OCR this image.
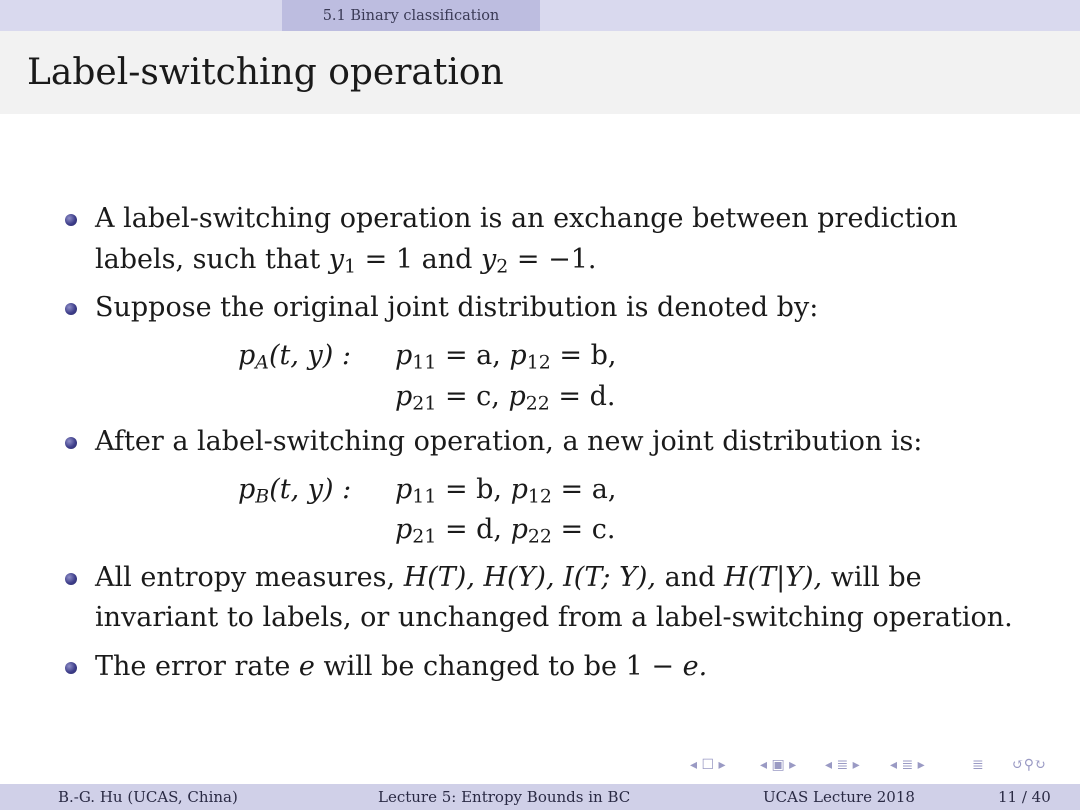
5.1 Binary classification
Label-switching operation
A label-switching operation is an exchange between prediction
labels, such that $y_1 = 1$ and $y_2 = -1$.
Suppose the original joint distribution is denoted by:
pA(t, y) : $p_{11} = a$, $p_{12} = b$,
$p_{21} = c$, $p_{22} = d$.
After a label-switching operation, a new joint distribution is:
pB(t, y) : $p_{11} = b$, $p_{12} = a$,
$p_{21} = d$, $p_{22} = c$.
All entropy measures, H(T), H(Y), I(T; Y), and H(T|Y), will be
invariant to labels, or unchanged from a label-switching operation.
The error rate e will be changed to be 1 − e.
◂ ☐ ▸ ◂ ▣ ▸ ◂ ≣ ▸ ◂ ≣ ▸	≣ ↺⚲↻
B.-G. Hu (UCAS, China)	Lecture 5: Entropy Bounds in BC	UCAS Lecture 2018	11 / 40
